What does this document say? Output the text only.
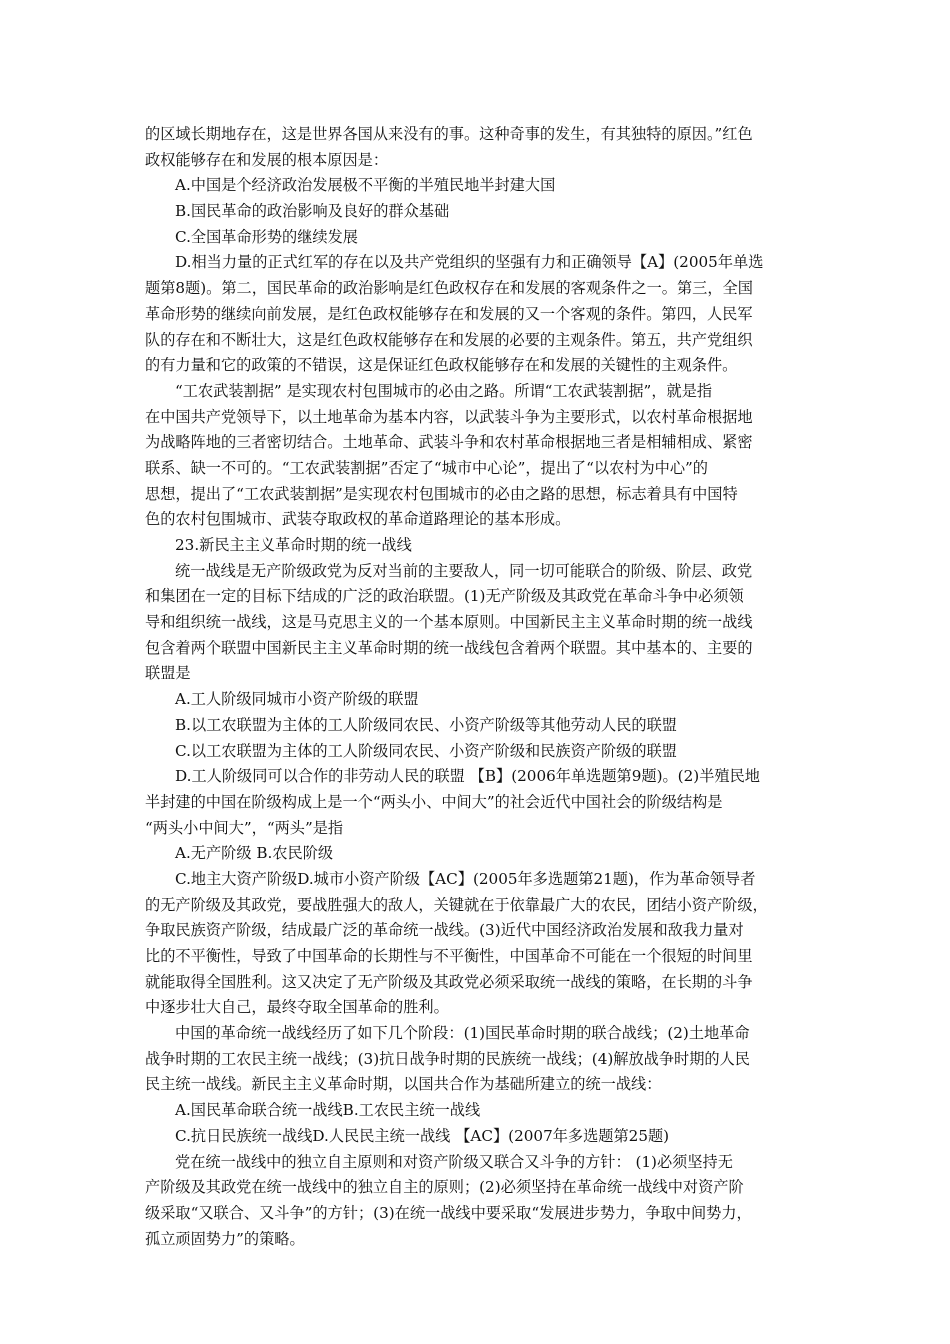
的区域长期地存在，这是世界各国从来没有的事。这种奇事的发生，有其独特的原因。”红色
政权能够存在和发展的根本原因是：
A.中国是个经济政治发展极不平衡的半殖民地半封建大国
B.国民革命的政治影响及良好的群众基础
C.全国革命形势的继续发展
D.相当力量的正式红军的存在以及共产党组织的坚强有力和正确领导【A】(2005年单选
题第8题)。第二，国民革命的政治影响是红色政权存在和发展的客观条件之一。第三，全国
革命形势的继续向前发展，是红色政权能够存在和发展的又一个客观的条件。第四，人民军
队的存在和不断壮大，这是红色政权能够存在和发展的必要的主观条件。第五，共产党组织
的有力量和它的政策的不错误，这是保证红色政权能够存在和发展的关键性的主观条件。
“工农武装割据” 是实现农村包围城市的必由之路。所谓“工农武装割据”，就是指
在中国共产党领导下，以土地革命为基本内容，以武装斗争为主要形式，以农村革命根据地
为战略阵地的三者密切结合。土地革命、武装斗争和农村革命根据地三者是相辅相成、紧密
联系、缺一不可的。“工农武装割据”否定了“城市中心论”，提出了“以农村为中心”的
思想，提出了“工农武装割据”是实现农村包围城市的必由之路的思想，标志着具有中国特
色的农村包围城市、武装夺取政权的革命道路理论的基本形成。
23.新民主主义革命时期的统一战线
统一战线是无产阶级政党为反对当前的主要敌人，同一切可能联合的阶级、阶层、政党
和集团在一定的目标下结成的广泛的政治联盟。(1)无产阶级及其政党在革命斗争中必须领
导和组织统一战线，这是马克思主义的一个基本原则。中国新民主主义革命时期的统一战线
包含着两个联盟中国新民主主义革命时期的统一战线包含着两个联盟。其中基本的、主要的
联盟是
A.工人阶级同城市小资产阶级的联盟
B.以工农联盟为主体的工人阶级同农民、小资产阶级等其他劳动人民的联盟
C.以工农联盟为主体的工人阶级同农民、小资产阶级和民族资产阶级的联盟
D.工人阶级同可以合作的非劳动人民的联盟 【B】(2006年单选题第9题)。(2)半殖民地
半封建的中国在阶级构成上是一个“两头小、中间大”的社会近代中国社会的阶级结构是
“两头小中间大”，“两头”是指
A.无产阶级 B.农民阶级
C.地主大资产阶级D.城市小资产阶级【AC】(2005年多选题第21题)，作为革命领导者
的无产阶级及其政党，要战胜强大的敌人，关键就在于依靠最广大的农民，团结小资产阶级，
争取民族资产阶级，结成最广泛的革命统一战线。(3)近代中国经济政治发展和敌我力量对
比的不平衡性，导致了中国革命的长期性与不平衡性，中国革命不可能在一个很短的时间里
就能取得全国胜利。这又决定了无产阶级及其政党必须采取统一战线的策略，在长期的斗争
中逐步壮大自己，最终夺取全国革命的胜利。
中国的革命统一战线经历了如下几个阶段：(1)国民革命时期的联合战线；(2)土地革命
战争时期的工农民主统一战线；(3)抗日战争时期的民族统一战线；(4)解放战争时期的人民
民主统一战线。新民主主义革命时期，以国共合作为基础所建立的统一战线：
A.国民革命联合统一战线B.工农民主统一战线
C.抗日民族统一战线D.人民民主统一战线 【AC】(2007年多选题第25题)
党在统一战线中的独立自主原则和对资产阶级又联合又斗争的方针： (1)必须坚持无
产阶级及其政党在统一战线中的独立自主的原则；(2)必须坚持在革命统一战线中对资产阶
级采取“又联合、又斗争”的方针；(3)在统一战线中要采取“发展进步势力，争取中间势力，
孤立顽固势力”的策略。
